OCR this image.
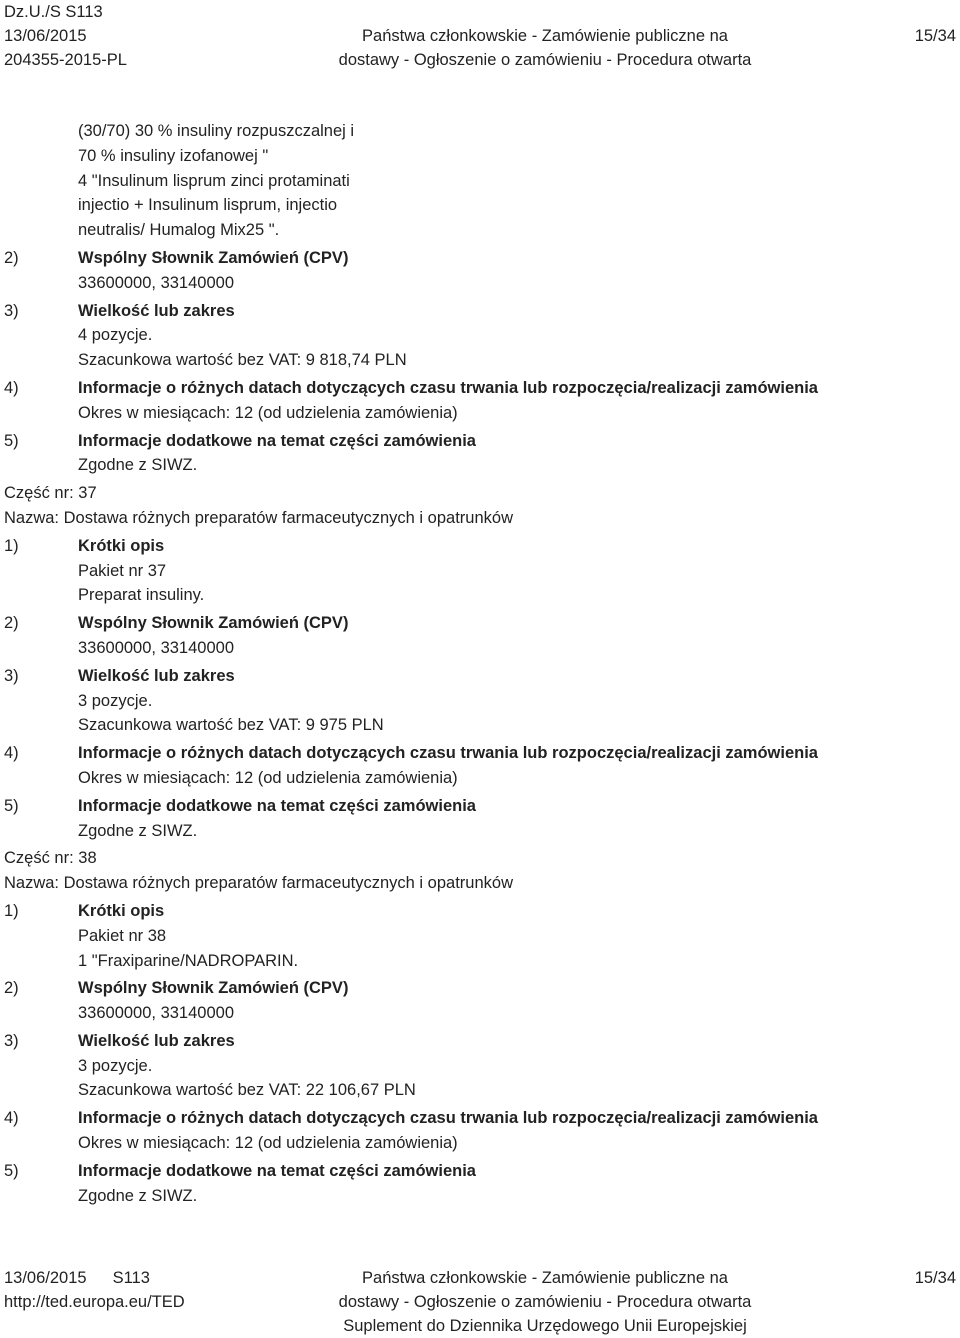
Dz.U./S S113
13/06/2015
204355-2015-PL
Państwa członkowskie - Zamówienie publiczne na
dostawy - Ogłoszenie o zamówieniu - Procedura otwarta
15/34
(30/70) 30 % insuliny rozpuszczalnej i
70 % insuliny izofanowej "
4 "Insulinum lisprum zinci protaminati
injectio + Insulinum lisprum, injectio
neutralis/ Humalog Mix25 ".
2)	Wspólny Słownik Zamówień (CPV)
33600000, 33140000
3)	Wielkość lub zakres
4 pozycje.
Szacunkowa wartość bez VAT: 9 818,74 PLN
4)	Informacje o różnych datach dotyczących czasu trwania lub rozpoczęcia/realizacji zamówienia
Okres w miesiącach: 12 (od udzielenia zamówienia)
5)	Informacje dodatkowe na temat części zamówienia
Zgodne z SIWZ.
Część nr: 37
Nazwa: Dostawa różnych preparatów farmaceutycznych i opatrunków
1)	Krótki opis
Pakiet nr 37
Preparat insuliny.
2)	Wspólny Słownik Zamówień (CPV)
33600000, 33140000
3)	Wielkość lub zakres
3 pozycje.
Szacunkowa wartość bez VAT: 9 975 PLN
4)	Informacje o różnych datach dotyczących czasu trwania lub rozpoczęcia/realizacji zamówienia
Okres w miesiącach: 12 (od udzielenia zamówienia)
5)	Informacje dodatkowe na temat części zamówienia
Zgodne z SIWZ.
Część nr: 38
Nazwa: Dostawa różnych preparatów farmaceutycznych i opatrunków
1)	Krótki opis
Pakiet nr 38
1 "Fraxiparine/NADROPARIN.
2)	Wspólny Słownik Zamówień (CPV)
33600000, 33140000
3)	Wielkość lub zakres
3 pozycje.
Szacunkowa wartość bez VAT: 22 106,67 PLN
4)	Informacje o różnych datach dotyczących czasu trwania lub rozpoczęcia/realizacji zamówienia
Okres w miesiącach: 12 (od udzielenia zamówienia)
5)	Informacje dodatkowe na temat części zamówienia
Zgodne z SIWZ.
13/06/2015 S113
http://ted.europa.eu/TED
Państwa członkowskie - Zamówienie publiczne na
dostawy - Ogłoszenie o zamówieniu - Procedura otwarta
Suplement do Dziennika Urzędowego Unii Europejskiej
15/34
